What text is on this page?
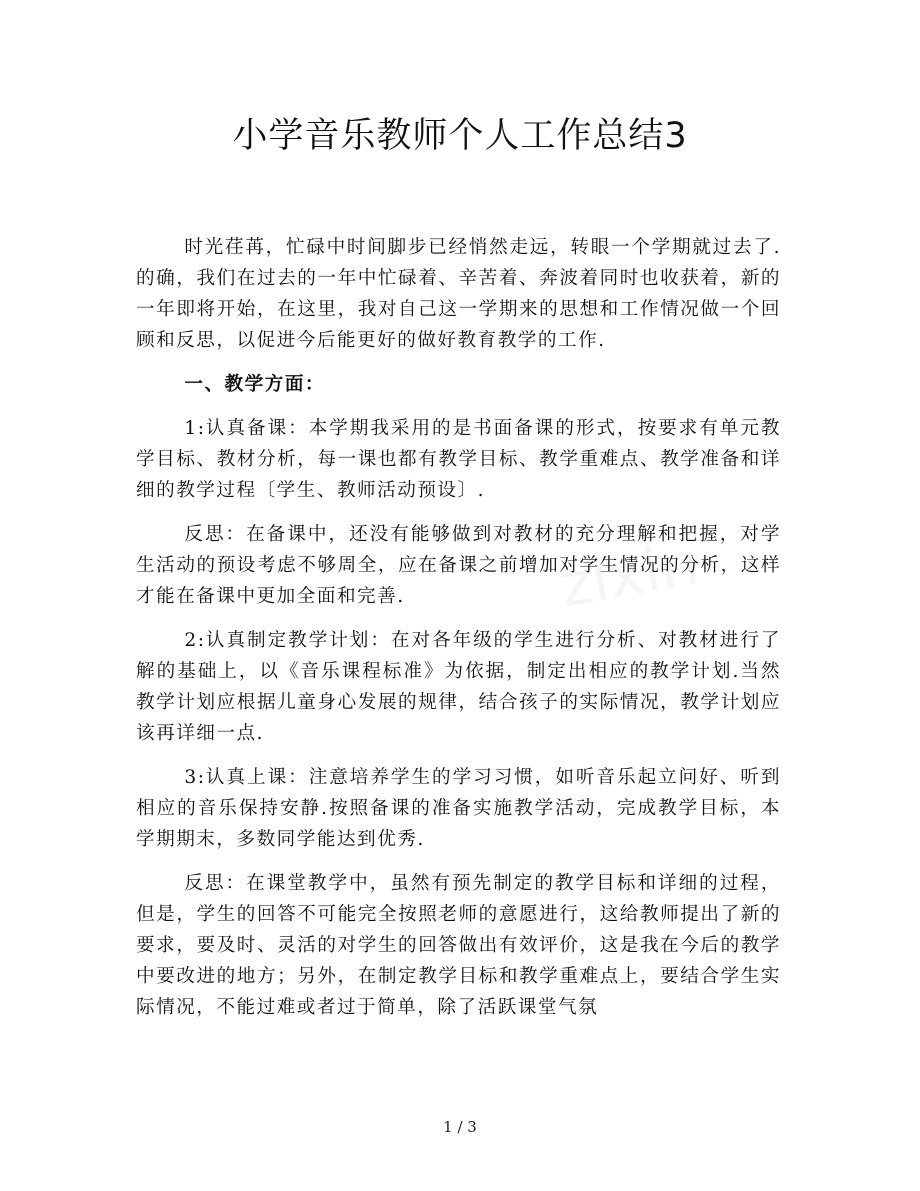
小学音乐教师个人工作总结3

时光荏苒，忙碌中时间脚步已经悄然走远，转眼一个学期就过去了.的确，我们在过去的一年中忙碌着、辛苦着、奔波着同时也收获着，新的一年即将开始，在这里，我对自己这一学期来的思想和工作情况做一个回顾和反思，以促进今后能更好的做好教育教学的工作.

一、教学方面：

1:认真备课：本学期我采用的是书面备课的形式，按要求有单元教学目标、教材分析，每一课也都有教学目标、教学重难点、教学准备和详细的教学过程〔学生、教师活动预设〕.

反思：在备课中，还没有能够做到对教材的充分理解和把握，对学生活动的预设考虑不够周全，应在备课之前增加对学生情况的分析，这样才能在备课中更加全面和完善.

2:认真制定教学计划：在对各年级的学生进行分析、对教材进行了解的基础上，以《音乐课程标准》为依据，制定出相应的教学计划.当然教学计划应根据儿童身心发展的规律，结合孩子的实际情况，教学计划应该再详细一点.

3:认真上课：注意培养学生的学习习惯，如听音乐起立问好、听到相应的音乐保持安静.按照备课的准备实施教学活动，完成教学目标，本学期期末，多数同学能达到优秀.

反思：在课堂教学中，虽然有预先制定的教学目标和详细的过程，但是，学生的回答不可能完全按照老师的意愿进行，这给教师提出了新的要求，要及时、灵活的对学生的回答做出有效评价，这是我在今后的教学中要改进的地方；另外，在制定教学目标和教学重难点上，要结合学生实际情况，不能过难或者过于简单，除了活跃课堂气氛

1 / 3
